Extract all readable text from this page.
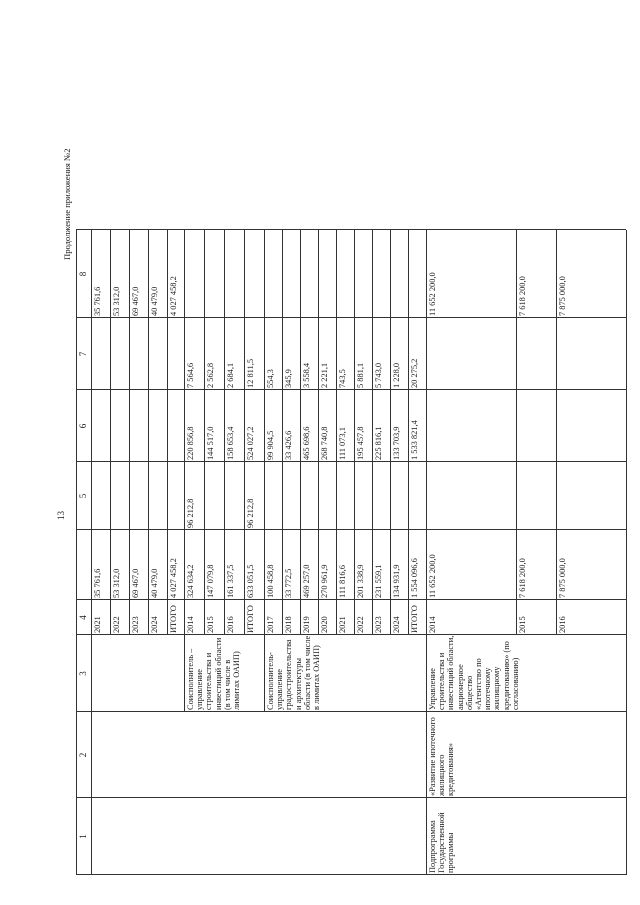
13
Продолжение приложения №2
1
2
3
4
5
6
7
8
2021
35 761,6
35 761,6
2022
53 312,0
53 312,0
2023
69 467,0
69 467,0
2024
40 479,0
40 479,0
ИТОГО
4 027 458,2
4 027 458,2
Соисполнитель – управление строительства и инвестиций области (в том числе в лимитах ОАИП)
2014
324 634,2
96 212,8
220 856,8
7 564,6
2015
147 079,8
144 517,0
2 562,8
2016
161 337,5
158 653,4
2 684,1
ИТОГО
633 051,5
96 212,8
524 027,2
12 811,5
Соисполнитель- управление градостроительства и архитектуры области (в том числе в лимитах ОАИП)
2017
100 458,8
99 904,5
554,3
2018
33 772,5
33 426,6
345,9
2019
469 257,0
465 698,6
3 558,4
2020
270 961,9
268 740,8
2 221,1
2021
111 816,6
111 073,1
743,5
2022
201 338,9
195 457,8
5 881,1
2023
231 559,1
225 816,1
5 743,0
2024
134 931,9
133 703,9
1 228,0
ИТОГО
1 554 096,6
1 533 821,4
20 275,2
Подпрограмма Государственной программы
«Развитие ипотечного жилищного кредитования»
Управление строительства и инвестиций области, акционерное общество «Агентство по ипотечному жилищному кредитованию» (по согласованию)
2014
11 652 200,0
11 652 200,0
2015
7 618 200,0
7 618 200,0
2016
7 875 000,0
7 875 000,0
